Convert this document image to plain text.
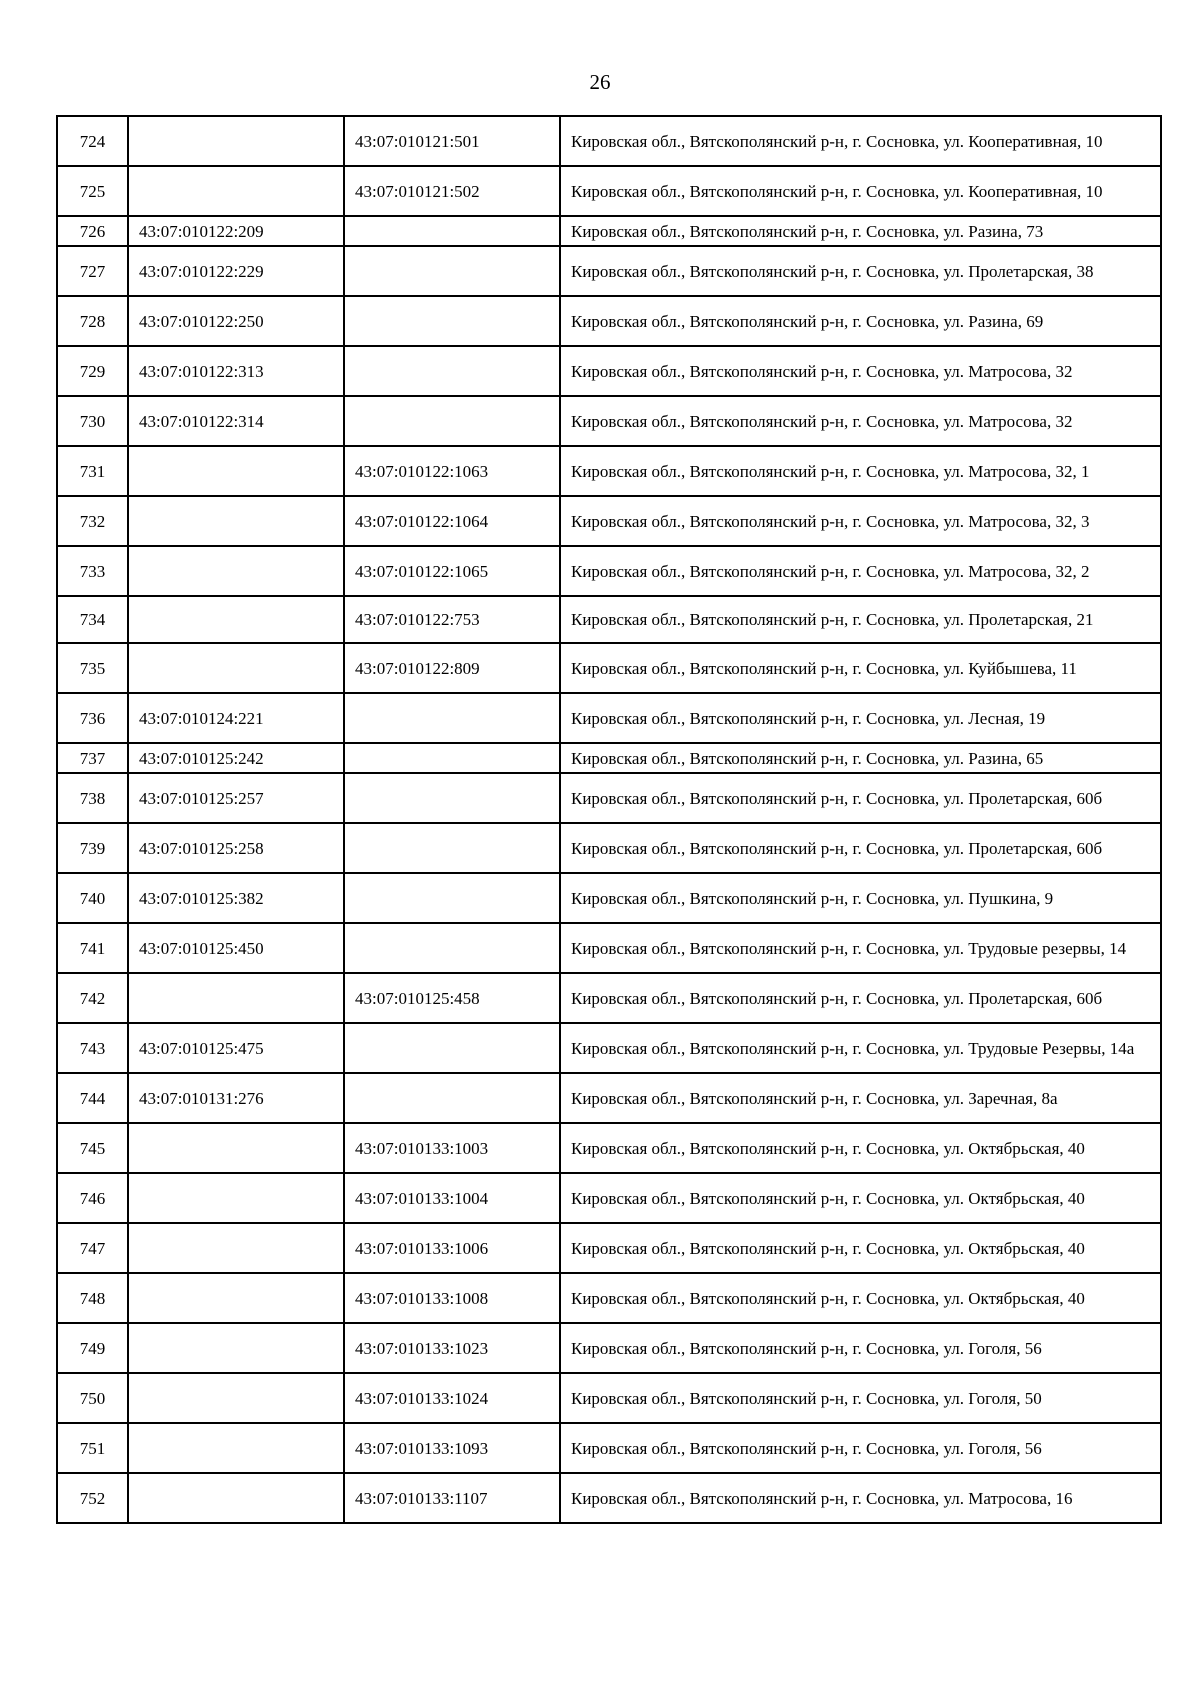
26
724		43:07:010121:501	Кировская обл., Вятскополянский р-н, г. Сосновка, ул. Кооперативная, 10
725		43:07:010121:502	Кировская обл., Вятскополянский р-н, г. Сосновка, ул. Кооперативная, 10
726	43:07:010122:209		Кировская обл., Вятскополянский р-н, г. Сосновка, ул. Разина, 73
727	43:07:010122:229		Кировская обл., Вятскополянский р-н, г. Сосновка, ул. Пролетарская, 38
728	43:07:010122:250		Кировская обл., Вятскополянский р-н, г. Сосновка, ул. Разина, 69
729	43:07:010122:313		Кировская обл., Вятскополянский р-н, г. Сосновка, ул. Матросова, 32
730	43:07:010122:314		Кировская обл., Вятскополянский р-н, г. Сосновка, ул. Матросова, 32
731		43:07:010122:1063	Кировская обл., Вятскополянский р-н, г. Сосновка, ул. Матросова, 32, 1
732		43:07:010122:1064	Кировская обл., Вятскополянский р-н, г. Сосновка, ул. Матросова, 32, 3
733		43:07:010122:1065	Кировская обл., Вятскополянский р-н, г. Сосновка, ул. Матросова, 32, 2
734		43:07:010122:753	Кировская обл., Вятскополянский р-н, г. Сосновка, ул. Пролетарская, 21
735		43:07:010122:809	Кировская обл., Вятскополянский р-н, г. Сосновка, ул. Куйбышева, 11
736	43:07:010124:221		Кировская обл., Вятскополянский р-н, г. Сосновка, ул. Лесная, 19
737	43:07:010125:242		Кировская обл., Вятскополянский р-н, г. Сосновка, ул. Разина, 65
738	43:07:010125:257		Кировская обл., Вятскополянский р-н, г. Сосновка, ул. Пролетарская, 60б
739	43:07:010125:258		Кировская обл., Вятскополянский р-н, г. Сосновка, ул. Пролетарская, 60б
740	43:07:010125:382		Кировская обл., Вятскополянский р-н, г. Сосновка, ул. Пушкина, 9
741	43:07:010125:450		Кировская обл., Вятскополянский р-н, г. Сосновка, ул. Трудовые резервы, 14
742		43:07:010125:458	Кировская обл., Вятскополянский р-н, г. Сосновка, ул. Пролетарская, 60б
743	43:07:010125:475		Кировская обл., Вятскополянский р-н, г. Сосновка, ул. Трудовые Резервы, 14а
744	43:07:010131:276		Кировская обл., Вятскополянский р-н, г. Сосновка, ул. Заречная, 8а
745		43:07:010133:1003	Кировская обл., Вятскополянский р-н, г. Сосновка, ул. Октябрьская, 40
746		43:07:010133:1004	Кировская обл., Вятскополянский р-н, г. Сосновка, ул. Октябрьская, 40
747		43:07:010133:1006	Кировская обл., Вятскополянский р-н, г. Сосновка, ул. Октябрьская, 40
748		43:07:010133:1008	Кировская обл., Вятскополянский р-н, г. Сосновка, ул. Октябрьская, 40
749		43:07:010133:1023	Кировская обл., Вятскополянский р-н, г. Сосновка, ул. Гоголя, 56
750		43:07:010133:1024	Кировская обл., Вятскополянский р-н, г. Сосновка, ул. Гоголя, 50
751		43:07:010133:1093	Кировская обл., Вятскополянский р-н, г. Сосновка, ул. Гоголя, 56
752		43:07:010133:1107	Кировская обл., Вятскополянский р-н, г. Сосновка, ул. Матросова, 16
